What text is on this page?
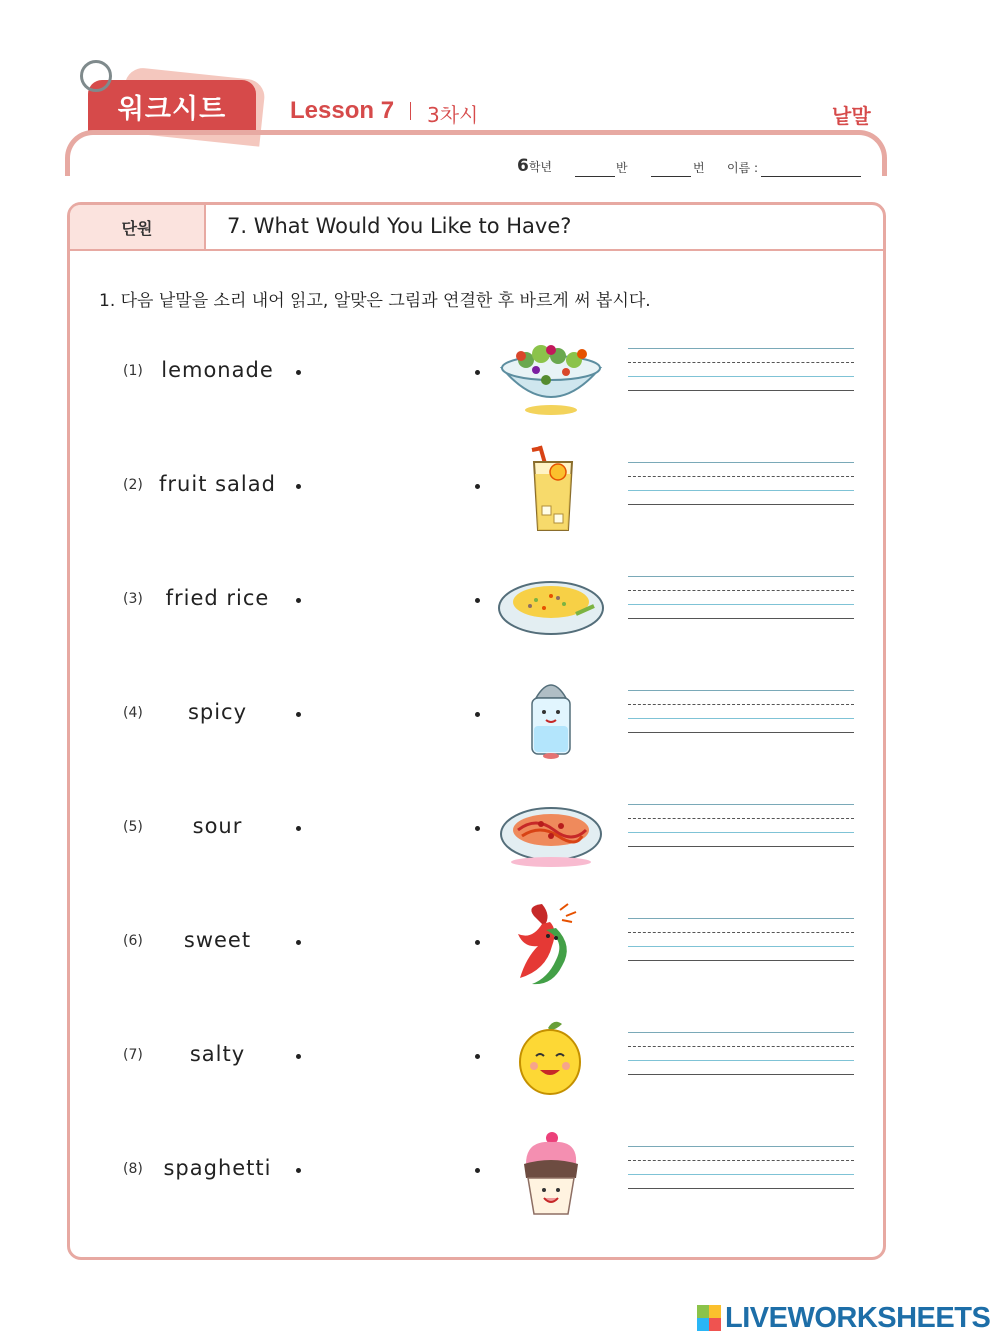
워크시트	Lesson 7 3차시	낱말
6학년	반	번 이름 :
단원	7. What Would You Like to Have?
1. 다음 낱말을 소리 내어 읽고, 알맞은 그림과 연결한 후 바르게 써 봅시다.
(1) lemonade
(2) fruit salad
(3)	fried rice
(4)	spicy
(5)	sour
(6)	sweet
(7)	salty
(8) spaghetti
LIVEWORKSHEETS
